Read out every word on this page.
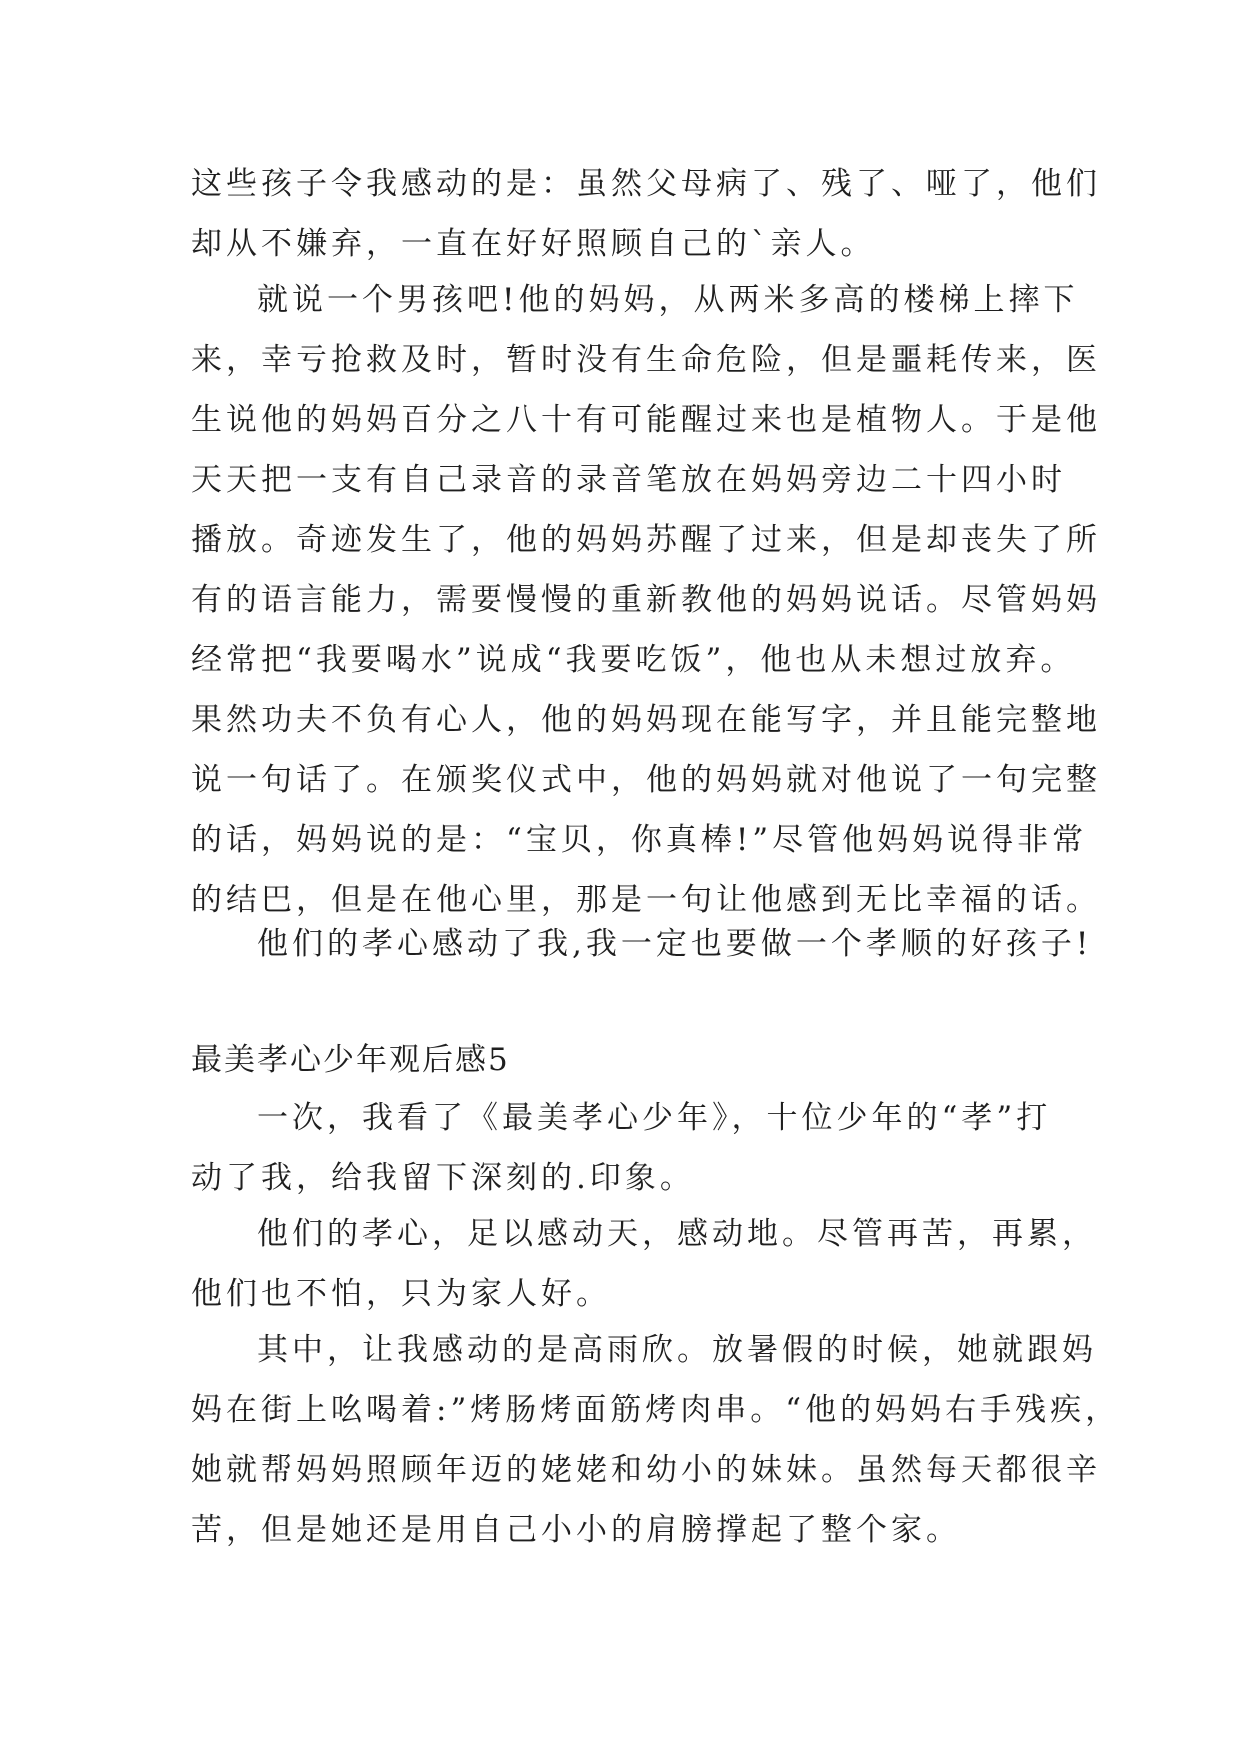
这些孩子令我感动的是：虽然父母病了、残了、哑了，他们
却从不嫌弃，一直在好好照顾自己的`亲人。
就说一个男孩吧!他的妈妈，从两米多高的楼梯上摔下
来，幸亏抢救及时，暂时没有生命危险，但是噩耗传来，医
生说他的妈妈百分之八十有可能醒过来也是植物人。于是他
天天把一支有自己录音的录音笔放在妈妈旁边二十四小时
播放。奇迹发生了，他的妈妈苏醒了过来，但是却丧失了所
有的语言能力，需要慢慢的重新教他的妈妈说话。尽管妈妈
经常把“我要喝水”说成“我要吃饭”，他也从未想过放弃。
果然功夫不负有心人，他的妈妈现在能写字，并且能完整地
说一句话了。在颁奖仪式中，他的妈妈就对他说了一句完整
的话，妈妈说的是：“宝贝，你真棒!”尽管他妈妈说得非常
的结巴，但是在他心里，那是一句让他感到无比幸福的话。
他们的孝心感动了我,我一定也要做一个孝顺的好孩子!
最美孝心少年观后感5
一次，我看了《最美孝心少年》，十位少年的“孝”打
动了我，给我留下深刻的.印象。
他们的孝心，足以感动天，感动地。尽管再苦，再累，
他们也不怕，只为家人好。
其中，让我感动的是高雨欣。放暑假的时候，她就跟妈
妈在街上吆喝着:”烤肠烤面筋烤肉串。“他的妈妈右手残疾，
她就帮妈妈照顾年迈的姥姥和幼小的妹妹。虽然每天都很辛
苦，但是她还是用自己小小的肩膀撑起了整个家。
